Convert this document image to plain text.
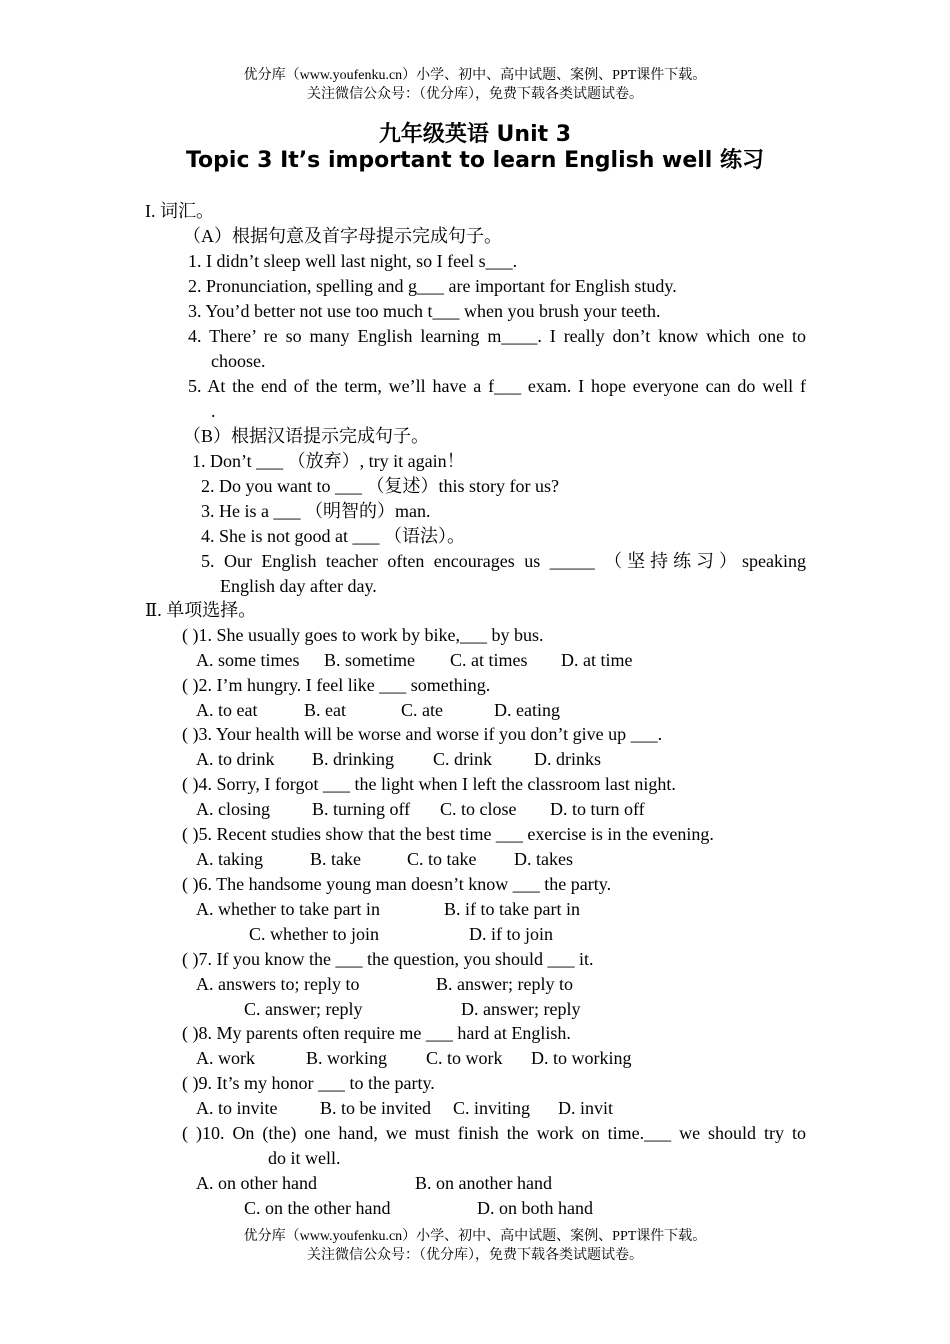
优分库（www.youfenku.cn）小学、初中、高中试题、案例、PPT课件下载。
关注微信公众号：（优分库），免费下载各类试题试卷。
九年级英语 Unit 3
Topic 3 It’s important to learn English well 练习
I. 词汇。
（A）根据句意及首字母提示完成句子。
1. I didn’t sleep well last night, so I feel s___.
2. Pronunciation, spelling and g___ are important for English study.
3. You’d better not use too much t___ when you brush your teeth.
4. There’ re so many English learning m____. I really don’t know which one to
choose.
5. At the end of the term, we’ll have a f___ exam. I hope everyone can do well f
.
（B）根据汉语提示完成句子。
1. Don’t ___ （放弃）, try it again！
2. Do you want to ___ （复述）this story for us?
3. He is a ___ （明智的）man.
4. She is not good at ___ （语法）。
5. Our English teacher often encourages us _____ （坚持练习）speaking
English day after day.
Ⅱ. 单项选择。
( )1. She usually goes to work by bike,___ by bus.
A. some times B. sometime C. at times D. at time
( )2. I’m hungry. I feel like ___ something.
A. to eat	B. eat	C. ate	D. eating
( )3. Your health will be worse and worse if you don’t give up ___.
A. to drink B. drinking C. drink D. drinks
( )4. Sorry, I forgot ___ the light when I left the classroom last night.
A. closing B. turning off C. to close D. to turn off
( )5. Recent studies show that the best time ___ exercise is in the evening.
A. taking	B. take	C. to take D. takes
( )6. The handsome young man doesn’t know ___ the party.
A. whether to take part in	B. if to take part in
C. whether to join	D. if to join
( )7. If you know the ___ the question, you should ___ it.
A. answers to; reply to	B. answer; reply to
C. answer; reply	D. answer; reply
( )8. My parents often require me ___ hard at English.
A. work	B. working C. to work D. to working
( )9. It’s my honor ___ to the party.
A. to invite B. to be invited C. inviting D. invit
( )10. On (the) one hand, we must finish the work on time.___ we should try to
do it well.
A. on other hand	B. on another hand
C. on the other hand	D. on both hand
优分库（www.youfenku.cn）小学、初中、高中试题、案例、PPT课件下载。
关注微信公众号：（优分库），免费下载各类试题试卷。
